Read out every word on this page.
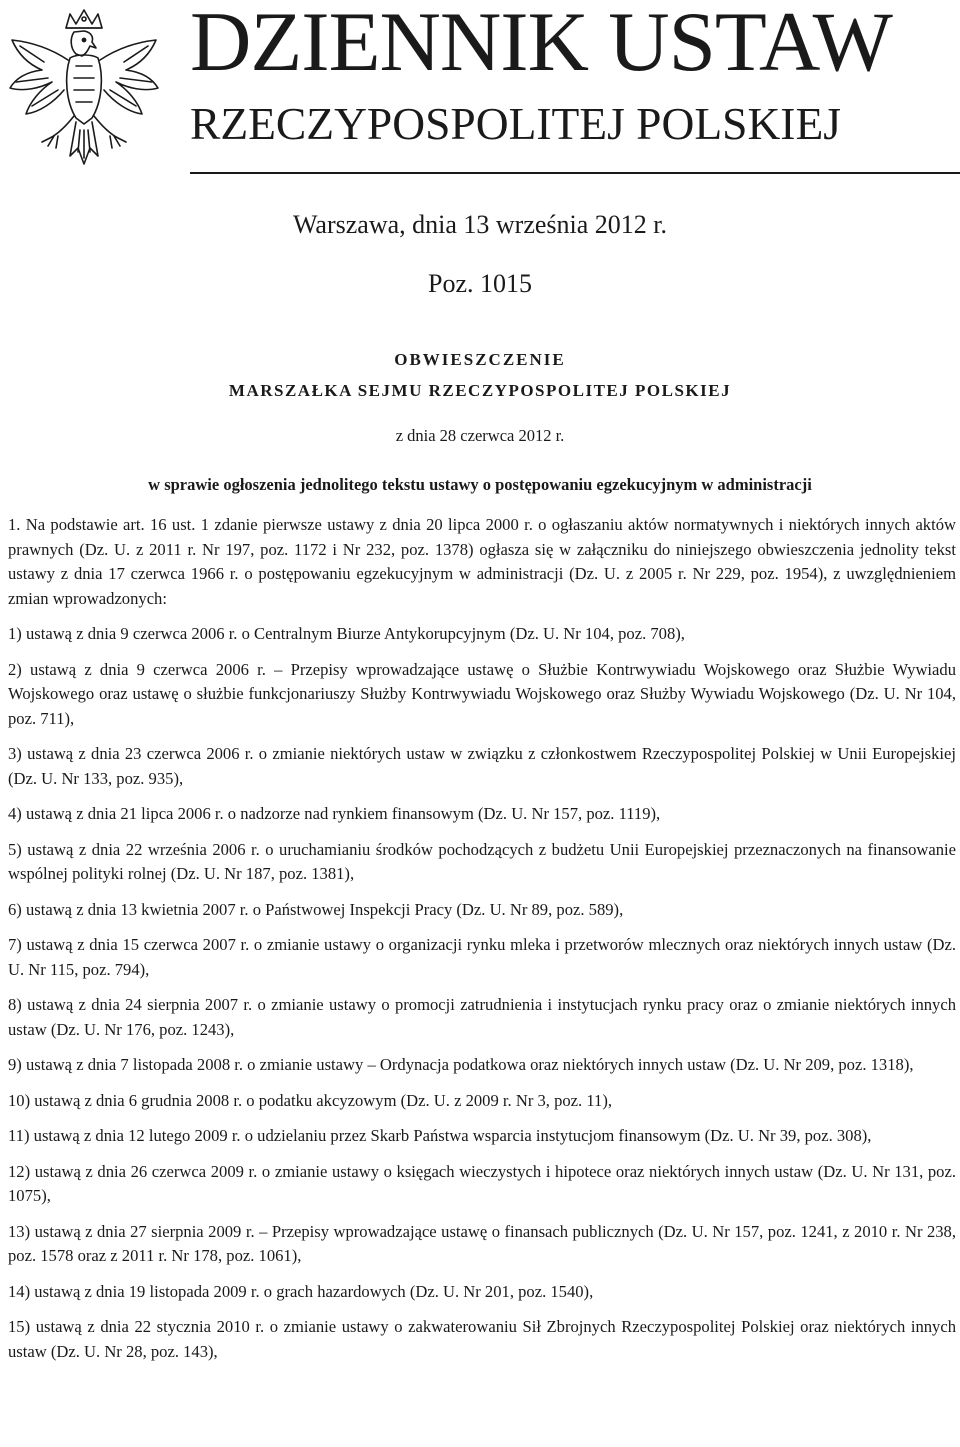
DZIENNIK USTAW
RZECZYPOSPOLITEJ POLSKIEJ
Warszawa, dnia 13 września 2012 r.
Poz. 1015
OBWIESZCZENIE
MARSZAŁKA SEJMU RZECZYPOSPOLITEJ POLSKIEJ
z dnia 28 czerwca 2012 r.
w sprawie ogłoszenia jednolitego tekstu ustawy o postępowaniu egzekucyjnym w administracji

1. Na podstawie art. 16 ust. 1 zdanie pierwsze ustawy z dnia 20 lipca 2000 r. o ogłaszaniu aktów normatywnych i niektórych innych aktów prawnych (Dz. U. z 2011 r. Nr 197, poz. 1172 i Nr 232, poz. 1378) ogłasza się w załączniku do niniejszego obwieszczenia jednolity tekst ustawy z dnia 17 czerwca 1966 r. o postępowaniu egzekucyjnym w administracji (Dz. U. z 2005 r. Nr 229, poz. 1954), z uwzględnieniem zmian wprowadzonych:

1) ustawą z dnia 9 czerwca 2006 r. o Centralnym Biurze Antykorupcyjnym (Dz. U. Nr 104, poz. 708),
2) ustawą z dnia 9 czerwca 2006 r. – Przepisy wprowadzające ustawę o Służbie Kontrwywiadu Wojskowego oraz Służbie Wywiadu Wojskowego oraz ustawę o służbie funkcjonariuszy Służby Kontrwywiadu Wojskowego oraz Służby Wywiadu Wojskowego (Dz. U. Nr 104, poz. 711),
3) ustawą z dnia 23 czerwca 2006 r. o zmianie niektórych ustaw w związku z członkostwem Rzeczypospolitej Polskiej w Unii Europejskiej (Dz. U. Nr 133, poz. 935),
4) ustawą z dnia 21 lipca 2006 r. o nadzorze nad rynkiem finansowym (Dz. U. Nr 157, poz. 1119),
5) ustawą z dnia 22 września 2006 r. o uruchamianiu środków pochodzących z budżetu Unii Europejskiej przeznaczonych na finansowanie wspólnej polityki rolnej (Dz. U. Nr 187, poz. 1381),
6) ustawą z dnia 13 kwietnia 2007 r. o Państwowej Inspekcji Pracy (Dz. U. Nr 89, poz. 589),
7) ustawą z dnia 15 czerwca 2007 r. o zmianie ustawy o organizacji rynku mleka i przetworów mlecznych oraz niektórych innych ustaw (Dz. U. Nr 115, poz. 794),
8) ustawą z dnia 24 sierpnia 2007 r. o zmianie ustawy o promocji zatrudnienia i instytucjach rynku pracy oraz o zmianie niektórych innych ustaw (Dz. U. Nr 176, poz. 1243),
9) ustawą z dnia 7 listopada 2008 r. o zmianie ustawy – Ordynacja podatkowa oraz niektórych innych ustaw (Dz. U. Nr 209, poz. 1318),
10) ustawą z dnia 6 grudnia 2008 r. o podatku akcyzowym (Dz. U. z 2009 r. Nr 3, poz. 11),
11) ustawą z dnia 12 lutego 2009 r. o udzielaniu przez Skarb Państwa wsparcia instytucjom finansowym (Dz. U. Nr 39, poz. 308),
12) ustawą z dnia 26 czerwca 2009 r. o zmianie ustawy o księgach wieczystych i hipotece oraz niektórych innych ustaw (Dz. U. Nr 131, poz. 1075),
13) ustawą z dnia 27 sierpnia 2009 r. – Przepisy wprowadzające ustawę o finansach publicznych (Dz. U. Nr 157, poz. 1241, z 2010 r. Nr 238, poz. 1578 oraz z 2011 r. Nr 178, poz. 1061),
14) ustawą z dnia 19 listopada 2009 r. o grach hazardowych (Dz. U. Nr 201, poz. 1540),
15) ustawą z dnia 22 stycznia 2010 r. o zmianie ustawy o zakwaterowaniu Sił Zbrojnych Rzeczypospolitej Polskiej oraz niektórych innych ustaw (Dz. U. Nr 28, poz. 143),
